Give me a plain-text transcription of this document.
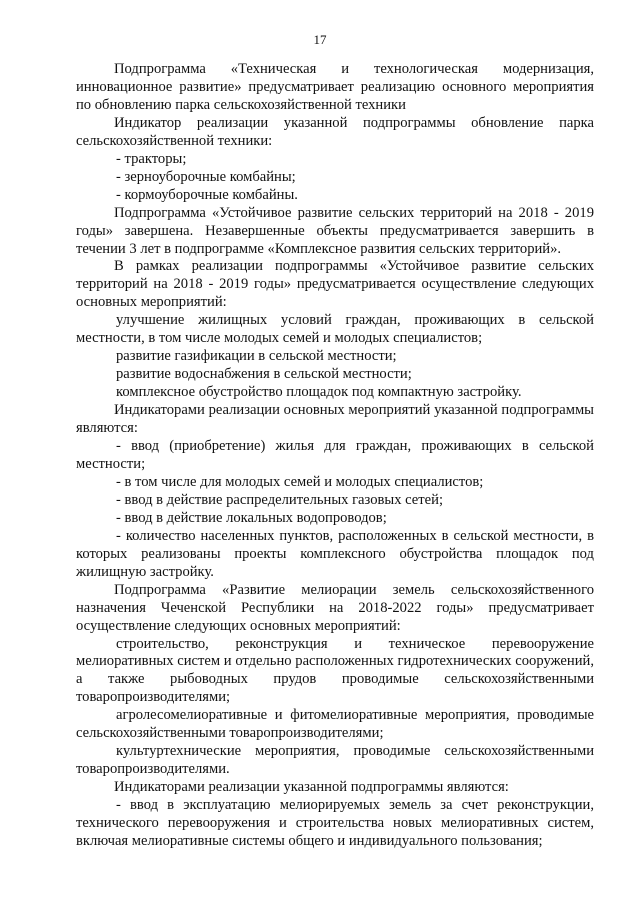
17

Подпрограмма «Техническая и технологическая модернизация, инновационное развитие» предусматривает реализацию основного мероприятия по обновлению парка сельскохозяйственной техники

Индикатор реализации указанной подпрограммы обновление парка сельскохозяйственной техники:

- тракторы;

- зерноуборочные комбайны;

- кормоуборочные комбайны.

Подпрограмма «Устойчивое развитие сельских территорий на 2018 - 2019 годы» завершена. Незавершенные объекты предусматривается завершить в течении 3 лет в подпрограмме «Комплексное развития сельских территорий».

В рамках реализации подпрограммы «Устойчивое развитие сельских территорий на 2018 - 2019 годы» предусматривается осуществление следующих основных мероприятий:

улучшение жилищных условий граждан, проживающих в сельской местности, в том числе молодых семей и молодых специалистов;

развитие газификации в сельской местности;

развитие водоснабжения в сельской местности;

комплексное обустройство площадок под компактную застройку.

Индикаторами реализации основных мероприятий указанной подпрограммы являются:

- ввод (приобретение) жилья для граждан, проживающих в сельской местности;

- в том числе для молодых семей и молодых специалистов;

- ввод в действие распределительных газовых сетей;

- ввод в действие локальных водопроводов;

- количество населенных пунктов, расположенных в сельской местности, в которых реализованы проекты комплексного обустройства площадок под жилищную застройку.

Подпрограмма «Развитие мелиорации земель сельскохозяйственного назначения Чеченской Республики на 2018-2022 годы» предусматривает осуществление следующих основных мероприятий:

строительство, реконструкция и техническое перевооружение мелиоративных систем и отдельно расположенных гидротехнических сооружений, а также рыбоводных прудов проводимые сельскохозяйственными товаропроизводителями;

агролесомелиоративные и фитомелиоративные мероприятия, проводимые сельскохозяйственными товаропроизводителями;

культуртехнические мероприятия, проводимые сельскохозяйственными товаропроизводителями.

Индикаторами реализации указанной подпрограммы являются:

- ввод в эксплуатацию мелиорируемых земель за счет реконструкции, технического перевооружения и строительства новых мелиоративных систем, включая мелиоративные системы общего и индивидуального пользования;
